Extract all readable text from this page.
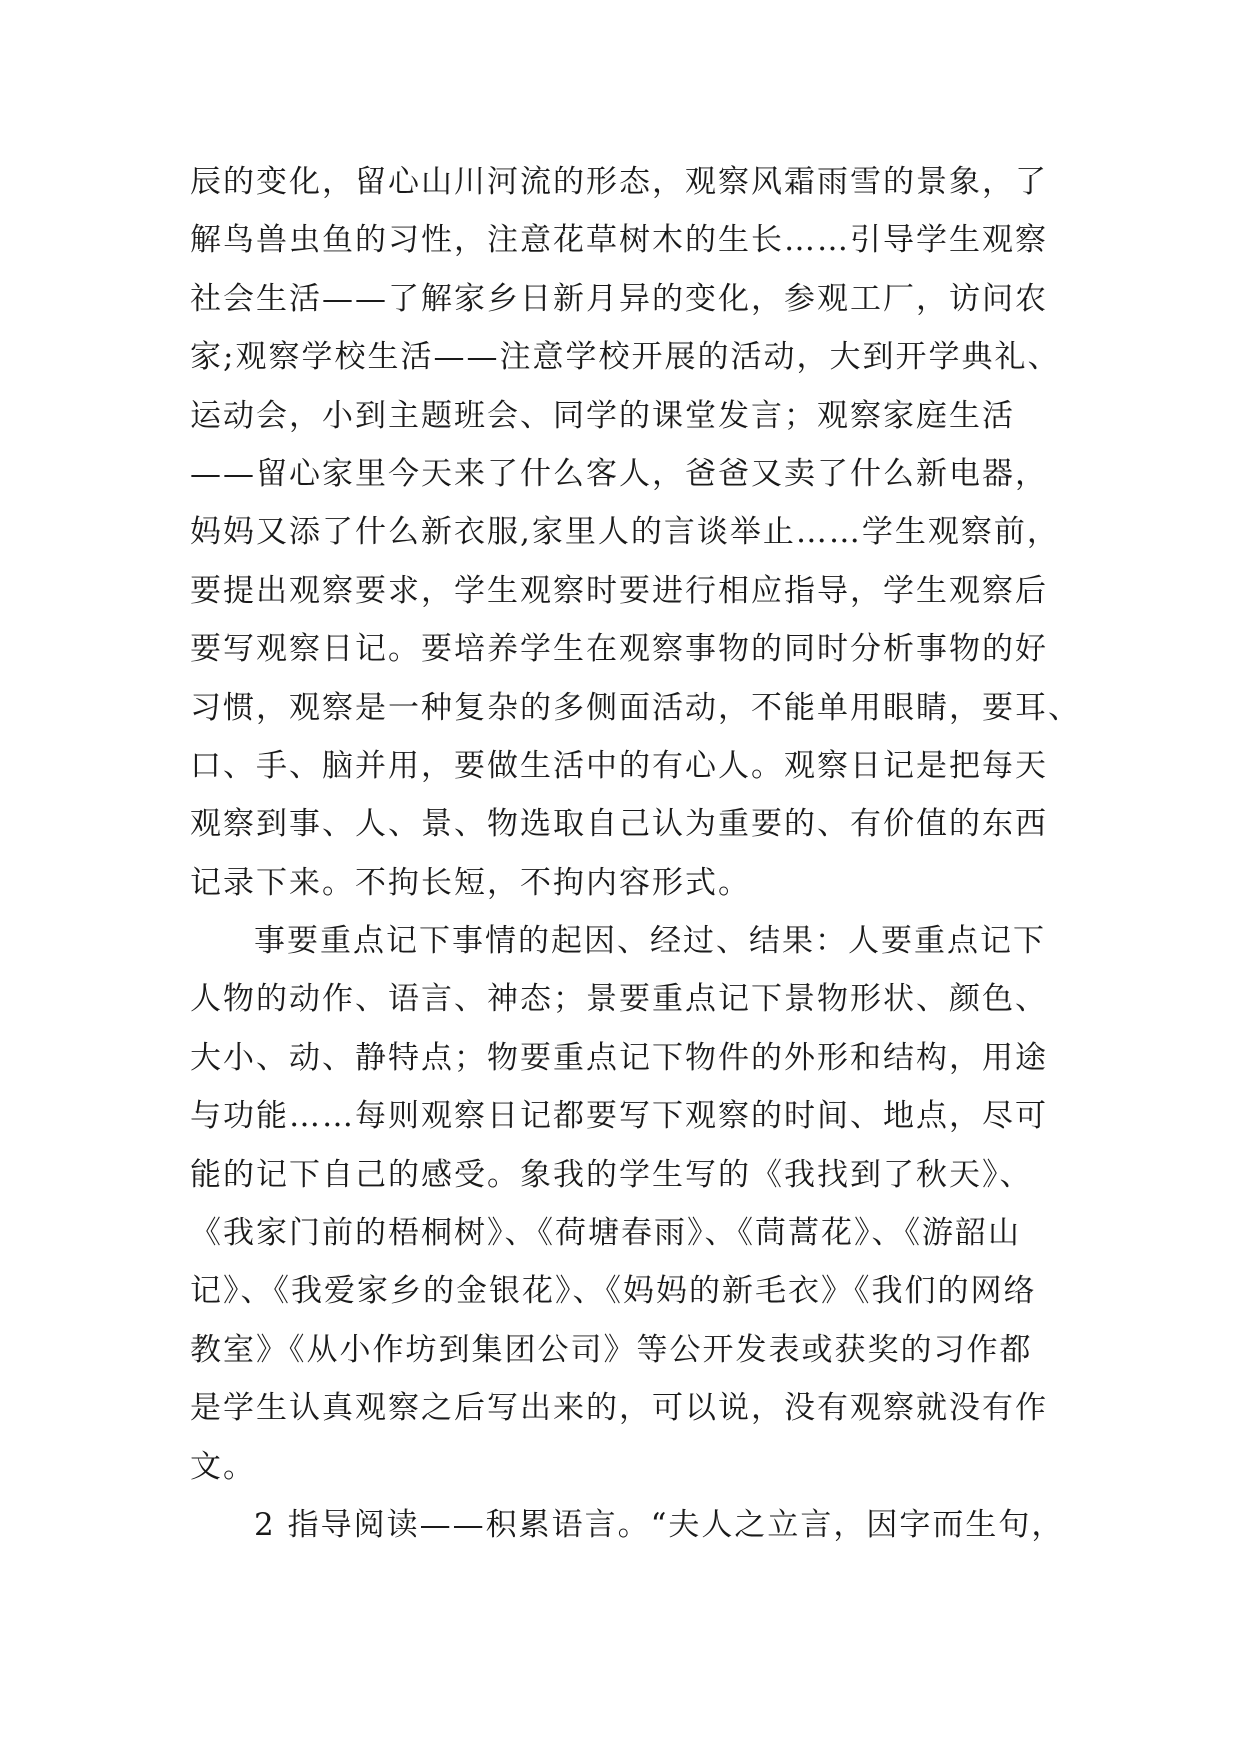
辰的变化，留心山川河流的形态，观察风霜雨雪的景象，了
解鸟兽虫鱼的习性，注意花草树木的生长……引导学生观察
社会生活——了解家乡日新月异的变化，参观工厂，访问农
家;观察学校生活——注意学校开展的活动，大到开学典礼、
运动会，小到主题班会、同学的课堂发言；观察家庭生活
——留心家里今天来了什么客人，爸爸又卖了什么新电器，
妈妈又添了什么新衣服,家里人的言谈举止……学生观察前，
要提出观察要求，学生观察时要进行相应指导，学生观察后
要写观察日记。要培养学生在观察事物的同时分析事物的好
习惯，观察是一种复杂的多侧面活动，不能单用眼睛，要耳、
口、手、脑并用，要做生活中的有心人。观察日记是把每天
观察到事、人、景、物选取自己认为重要的、有价值的东西
记录下来。不拘长短，不拘内容形式。
事要重点记下事情的起因、经过、结果：人要重点记下
人物的动作、语言、神态；景要重点记下景物形状、颜色、
大小、动、静特点；物要重点记下物件的外形和结构，用途
与功能……每则观察日记都要写下观察的时间、地点，尽可
能的记下自己的感受。象我的学生写的《我找到了秋天》、
《我家门前的梧桐树》、《荷塘春雨》、《茼蒿花》、《游韶山
记》、《我爱家乡的金银花》、《妈妈的新毛衣》《我们的网络
教室》《从小作坊到集团公司》等公开发表或获奖的习作都
是学生认真观察之后写出来的，可以说，没有观察就没有作
文。
2 指导阅读——积累语言。“夫人之立言，因字而生句，
